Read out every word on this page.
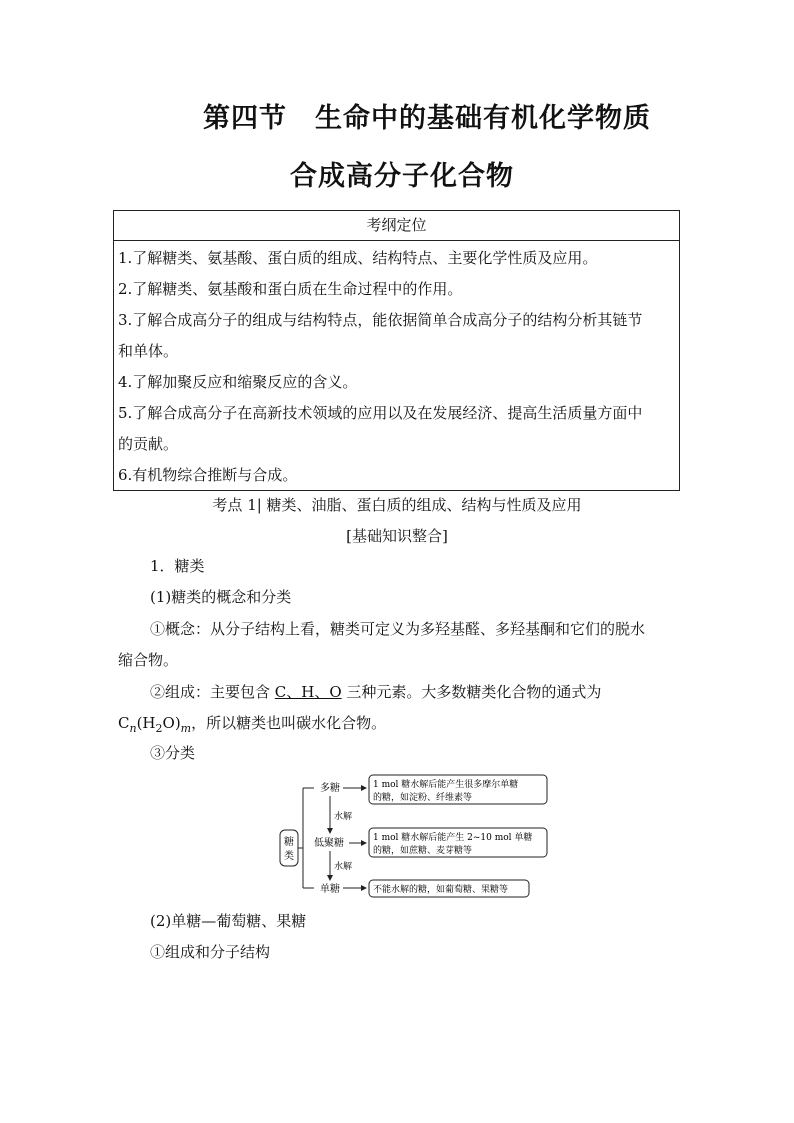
第四节　生命中的基础有机化学物质
合成高分子化合物
考纲定位
1.了解糖类、氨基酸、蛋白质的组成、结构特点、主要化学性质及应用。
2.了解糖类、氨基酸和蛋白质在生命过程中的作用。
3.了解合成高分子的组成与结构特点，能依据简单合成高分子的结构分析其链节
和单体。
4.了解加聚反应和缩聚反应的含义。
5.了解合成高分子在高新技术领域的应用以及在发展经济、提高生活质量方面中
的贡献。
6.有机物综合推断与合成。
考点 1| 糖类、油脂、蛋白质的组成、结构与性质及应用
[基础知识整合]
1．糖类
(1)糖类的概念和分类
①概念：从分子结构上看，糖类可定义为多羟基醛、多羟基酮和它们的脱水
缩合物。
②组成：主要包含 C、H、O 三种元素。大多数糖类化合物的通式为
$C_n(H_2O)_m$，所以糖类也叫碳水化合物。
③分类
糖
类
多糖
低聚糖
单糖
水解
水解
1 mol 糖水解后能产生很多摩尔单糖
的糖，如淀粉、纤维素等
1 mol 糖水解后能产生 2~10 mol 单糖
的糖，如蔗糖、麦芽糖等
不能水解的糖，如葡萄糖、果糖等
(2)单糖—葡萄糖、果糖
①组成和分子结构
